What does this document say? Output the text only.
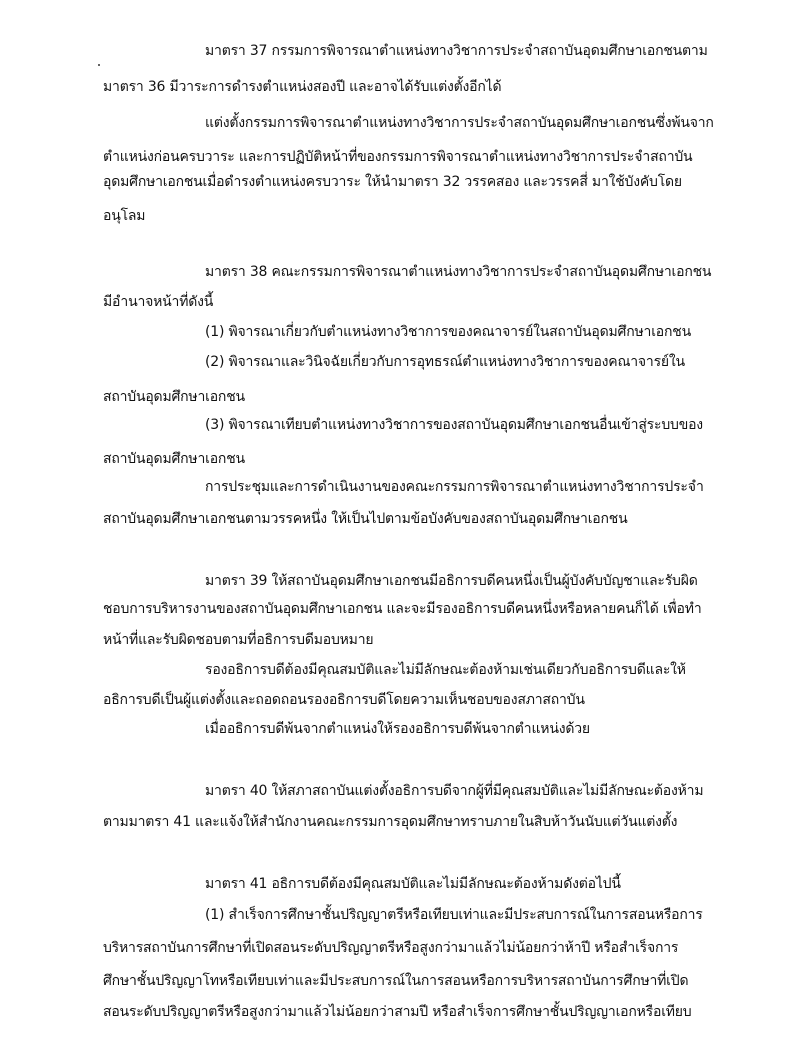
มาตรา 37 กรรมการพิจารณาตำแหน่งทางวิชาการประจำสถาบันอุดมศึกษาเอกชนตาม
มาตรา 36 มีวาระการดำรงตำแหน่งสองปี และอาจได้รับแต่งตั้งอีกได้
แต่งตั้งกรรมการพิจารณาตำแหน่งทางวิชาการประจำสถาบันอุดมศึกษาเอกชนซึ่งพ้นจาก
ตำแหน่งก่อนครบวาระ และการปฏิบัติหน้าที่ของกรรมการพิจารณาตำแหน่งทางวิชาการประจำสถาบัน
อุดมศึกษาเอกชนเมื่อดำรงตำแหน่งครบวาระ ให้นำมาตรา 32 วรรคสอง และวรรคสี่ มาใช้บังคับโดย
อนุโลม
มาตรา 38 คณะกรรมการพิจารณาตำแหน่งทางวิชาการประจำสถาบันอุดมศึกษาเอกชน
มีอำนาจหน้าที่ดังนี้
(1) พิจารณาเกี่ยวกับตำแหน่งทางวิชาการของคณาจารย์ในสถาบันอุดมศึกษาเอกชน
(2) พิจารณาและวินิจฉัยเกี่ยวกับการอุทธรณ์ตำแหน่งทางวิชาการของคณาจารย์ใน
สถาบันอุดมศึกษาเอกชน
(3) พิจารณาเทียบตำแหน่งทางวิชาการของสถาบันอุดมศึกษาเอกชนอื่นเข้าสู่ระบบของ
สถาบันอุดมศึกษาเอกชน
การประชุมและการดำเนินงานของคณะกรรมการพิจารณาตำแหน่งทางวิชาการประจำ
สถาบันอุดมศึกษาเอกชนตามวรรคหนึ่ง ให้เป็นไปตามข้อบังคับของสถาบันอุดมศึกษาเอกชน
มาตรา 39 ให้สถาบันอุดมศึกษาเอกชนมีอธิการบดีคนหนึ่งเป็นผู้บังคับบัญชาและรับผิด
ชอบการบริหารงานของสถาบันอุดมศึกษาเอกชน และจะมีรองอธิการบดีคนหนึ่งหรือหลายคนก็ได้ เพื่อทำ
หน้าที่และรับผิดชอบตามที่อธิการบดีมอบหมาย
รองอธิการบดีต้องมีคุณสมบัติและไม่มีลักษณะต้องห้ามเช่นเดียวกับอธิการบดีและให้
อธิการบดีเป็นผู้แต่งตั้งและถอดถอนรองอธิการบดีโดยความเห็นชอบของสภาสถาบัน
เมื่ออธิการบดีพ้นจากตำแหน่งให้รองอธิการบดีพ้นจากตำแหน่งด้วย
มาตรา 40 ให้สภาสถาบันแต่งตั้งอธิการบดีจากผู้ที่มีคุณสมบัติและไม่มีลักษณะต้องห้าม
ตามมาตรา 41 และแจ้งให้สำนักงานคณะกรรมการอุดมศึกษาทราบภายในสิบห้าวันนับแต่วันแต่งตั้ง
มาตรา 41 อธิการบดีต้องมีคุณสมบัติและไม่มีลักษณะต้องห้ามดังต่อไปนี้
(1) สำเร็จการศึกษาชั้นปริญญาตรีหรือเทียบเท่าและมีประสบการณ์ในการสอนหรือการ
บริหารสถาบันการศึกษาที่เปิดสอนระดับปริญญาตรีหรือสูงกว่ามาแล้วไม่น้อยกว่าห้าปี หรือสำเร็จการ
ศึกษาชั้นปริญญาโทหรือเทียบเท่าและมีประสบการณ์ในการสอนหรือการบริหารสถาบันการศึกษาที่เปิด
สอนระดับปริญญาตรีหรือสูงกว่ามาแล้วไม่น้อยกว่าสามปี หรือสำเร็จการศึกษาชั้นปริญญาเอกหรือเทียบ
